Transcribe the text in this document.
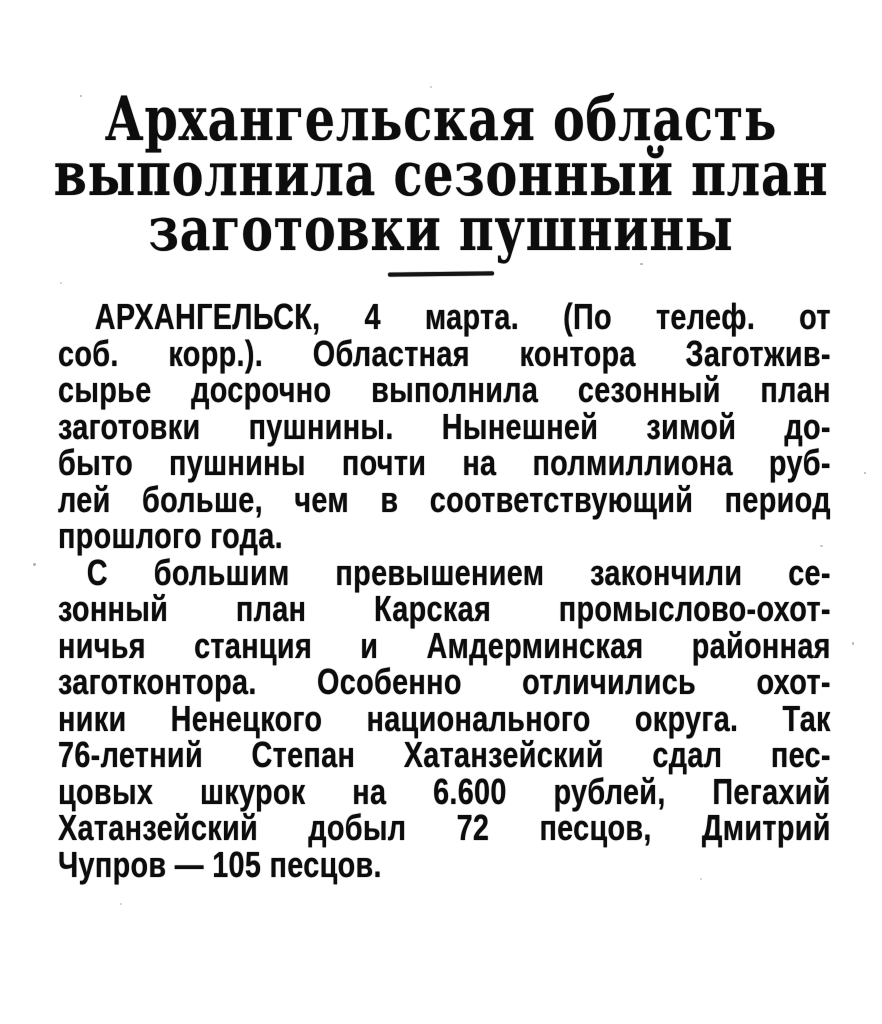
Архангельская область
выполнила сезонный план
заготовки пушнины
АРХАНГЕЛЬСК, 4 марта. (По телеф. от
соб. корр.). Областная контора Заготжив-
сырье досрочно выполнила сезонный план
заготовки пушнины. Нынешней зимой до-
быто пушнины почти на полмиллиона руб-
лей больше, чем в соответствующий период
прошлого года.
С большим превышением закончили се-
зонный план Карская промыслово-охот-
ничья станция и Амдерминская районная
заготконтора. Особенно отличились охот-
ники Ненецкого национального округа. Так
76-летний Степан Хатанзейский сдал пес-
цовых шкурок на 6.600 рублей, Пегахий
Хатанзейский добыл 72 песцов, Дмитрий
Чупров — 105 песцов.
